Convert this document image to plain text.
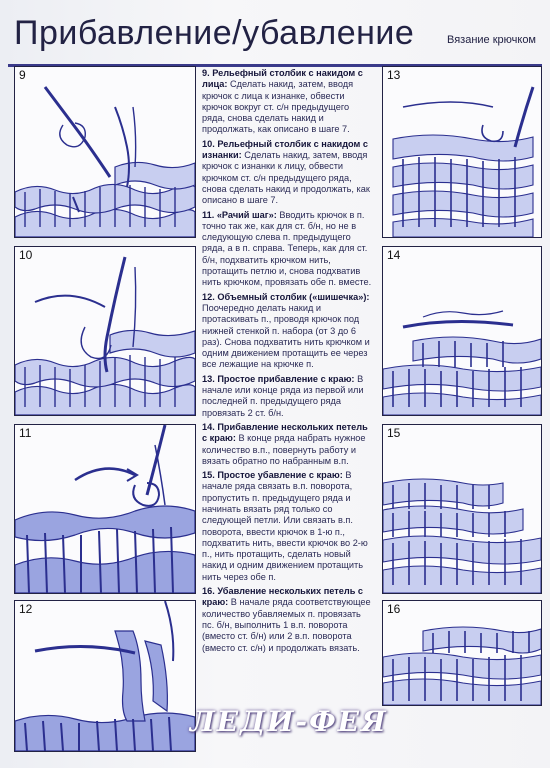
Прибавление/убавление	Вязание крючком
9
10
11
12
9. Рельефный столбик с накидом с лица: Сделать накид, затем, вводя крючок с лица к изнанке, обвести крючок вокруг ст. с/н предыдущего ряда, снова сделать накид и продолжать, как описано в шаге 7.
10. Рельефный столбик с накидом с изнанки: Сделать накид, затем, вводя крючок с изнанки к лицу, обвести крючком ст. с/н предыдущего ряда, снова сделать накид и продолжать, как описано в шаге 7.
11. «Рачий шаг»: Вводить крючок в п. точно так же, как для ст. б/н, но не в следующую слева п. предыдущего ряда, а в п. справа. Теперь, как для ст. б/н, подхватить крючком нить, протащить петлю и, снова подхватив нить крючком, провязать обе п. вместе.
12. Объемный столбик («шишечка»): Поочередно делать накид и протаскивать п., проводя крючок под нижней стенкой п. набора (от 3 до 6 раз). Снова подхватить нить крючком и одним движением протащить ее через все лежащие на крючке п.
13. Простое прибавление с краю: В начале или конце ряда из первой или последней п. предыдущего ряда провязать 2 ст. б/н.
14. Прибавление нескольких петель с краю: В конце ряда набрать нужное количество в.п., повернуть работу и вязать обратно по набранным в.п.
15. Простое убавление с краю: В начале ряда связать в.п. поворота, пропустить п. предыдущего ряда и начинать вязать ряд только со следующей петли. Или связать в.п. поворота, ввести крючок в 1-ю п., подхватить нить, ввести крючок во 2-ю п., нить протащить, сделать новый накид и одним движением протащить нить через обе п.
16. Убавление нескольких петель с краю: В начале ряда соответствующее количество убавляемых п. провязать пс. б/н, выполнить 1 в.п. поворота (вместо ст. б/н) или 2 в.п. поворота (вместо ст. с/н) и продолжать вязать.
13
14
15
16
ЛЕДИ-ФЕЯ
